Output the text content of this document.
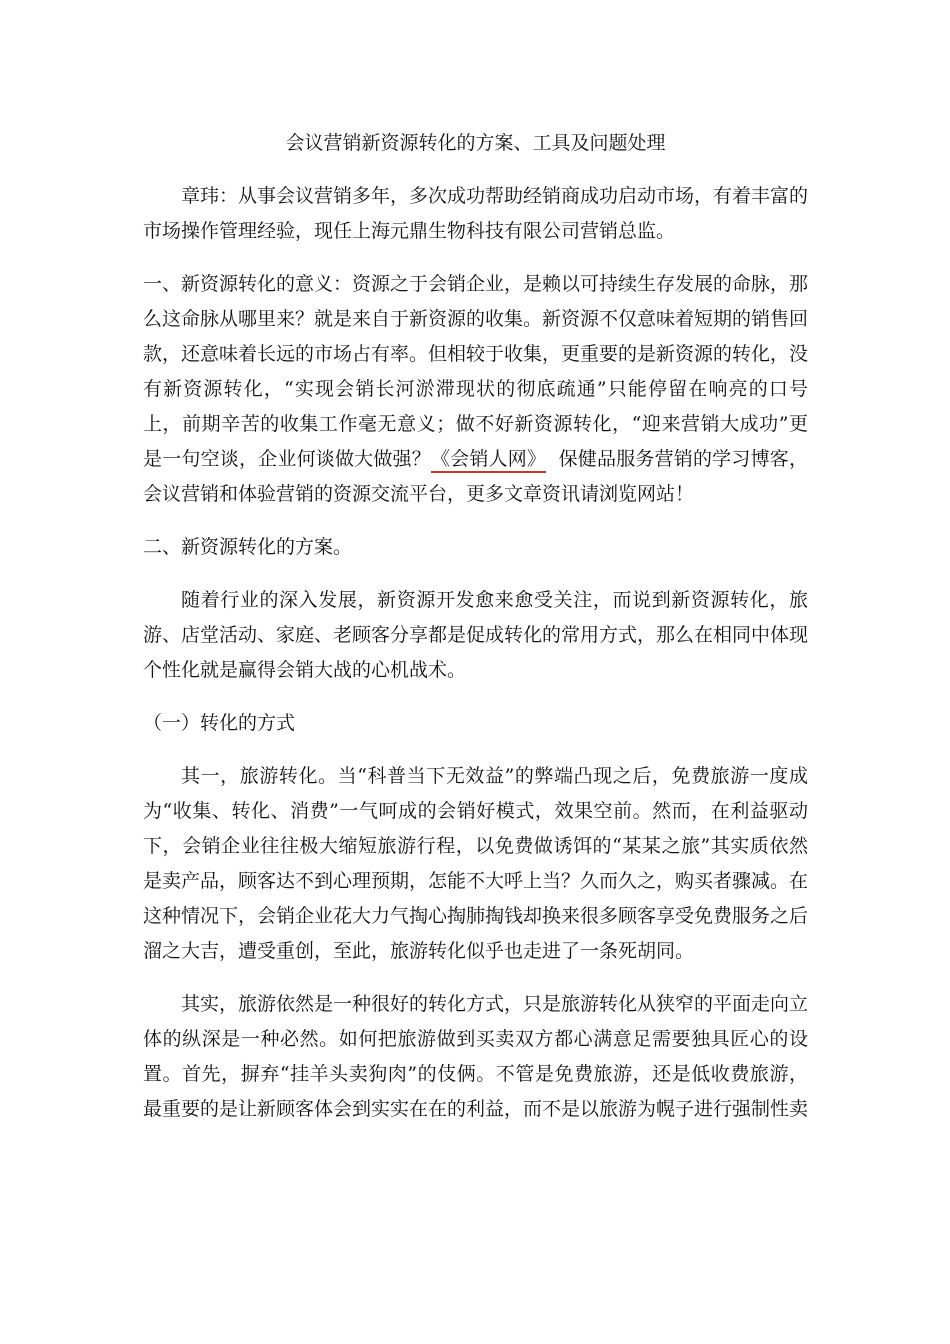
会议营销新资源转化的方案、工具及问题处理

章玮：从事会议营销多年，多次成功帮助经销商成功启动市场，有着丰富的市场操作管理经验，现任上海元鼎生物科技有限公司营销总监。

一、新资源转化的意义：资源之于会销企业，是赖以可持续生存发展的命脉，那么这命脉从哪里来？就是来自于新资源的收集。新资源不仅意味着短期的销售回款，还意味着长远的市场占有率。但相较于收集，更重要的是新资源的转化，没有新资源转化，“实现会销长河淤滞现状的彻底疏通”只能停留在响亮的口号上，前期辛苦的收集工作毫无意义；做不好新资源转化，“迎来营销大成功”更是一句空谈，企业何谈做大做强？《会销人网》  保健品服务营销的学习博客，会议营销和体验营销的资源交流平台，更多文章资讯请浏览网站！

二、新资源转化的方案。

随着行业的深入发展，新资源开发愈来愈受关注，而说到新资源转化，旅游、店堂活动、家庭、老顾客分享都是促成转化的常用方式，那么在相同中体现个性化就是赢得会销大战的心机战术。

（一）转化的方式

其一，旅游转化。当“科普当下无效益”的弊端凸现之后，免费旅游一度成为“收集、转化、消费”一气呵成的会销好模式，效果空前。然而，在利益驱动下，会销企业往往极大缩短旅游行程，以免费做诱饵的“某某之旅”其实质依然是卖产品，顾客达不到心理预期，怎能不大呼上当？久而久之，购买者骤减。在这种情况下，会销企业花大力气掏心掏肺掏钱却换来很多顾客享受免费服务之后溜之大吉，遭受重创，至此，旅游转化似乎也走进了一条死胡同。

其实，旅游依然是一种很好的转化方式，只是旅游转化从狭窄的平面走向立体的纵深是一种必然。如何把旅游做到买卖双方都心满意足需要独具匠心的设置。首先，摒弃“挂羊头卖狗肉”的伎俩。不管是免费旅游，还是低收费旅游，最重要的是让新顾客体会到实实在在的利益，而不是以旅游为幌子进行强制性卖
